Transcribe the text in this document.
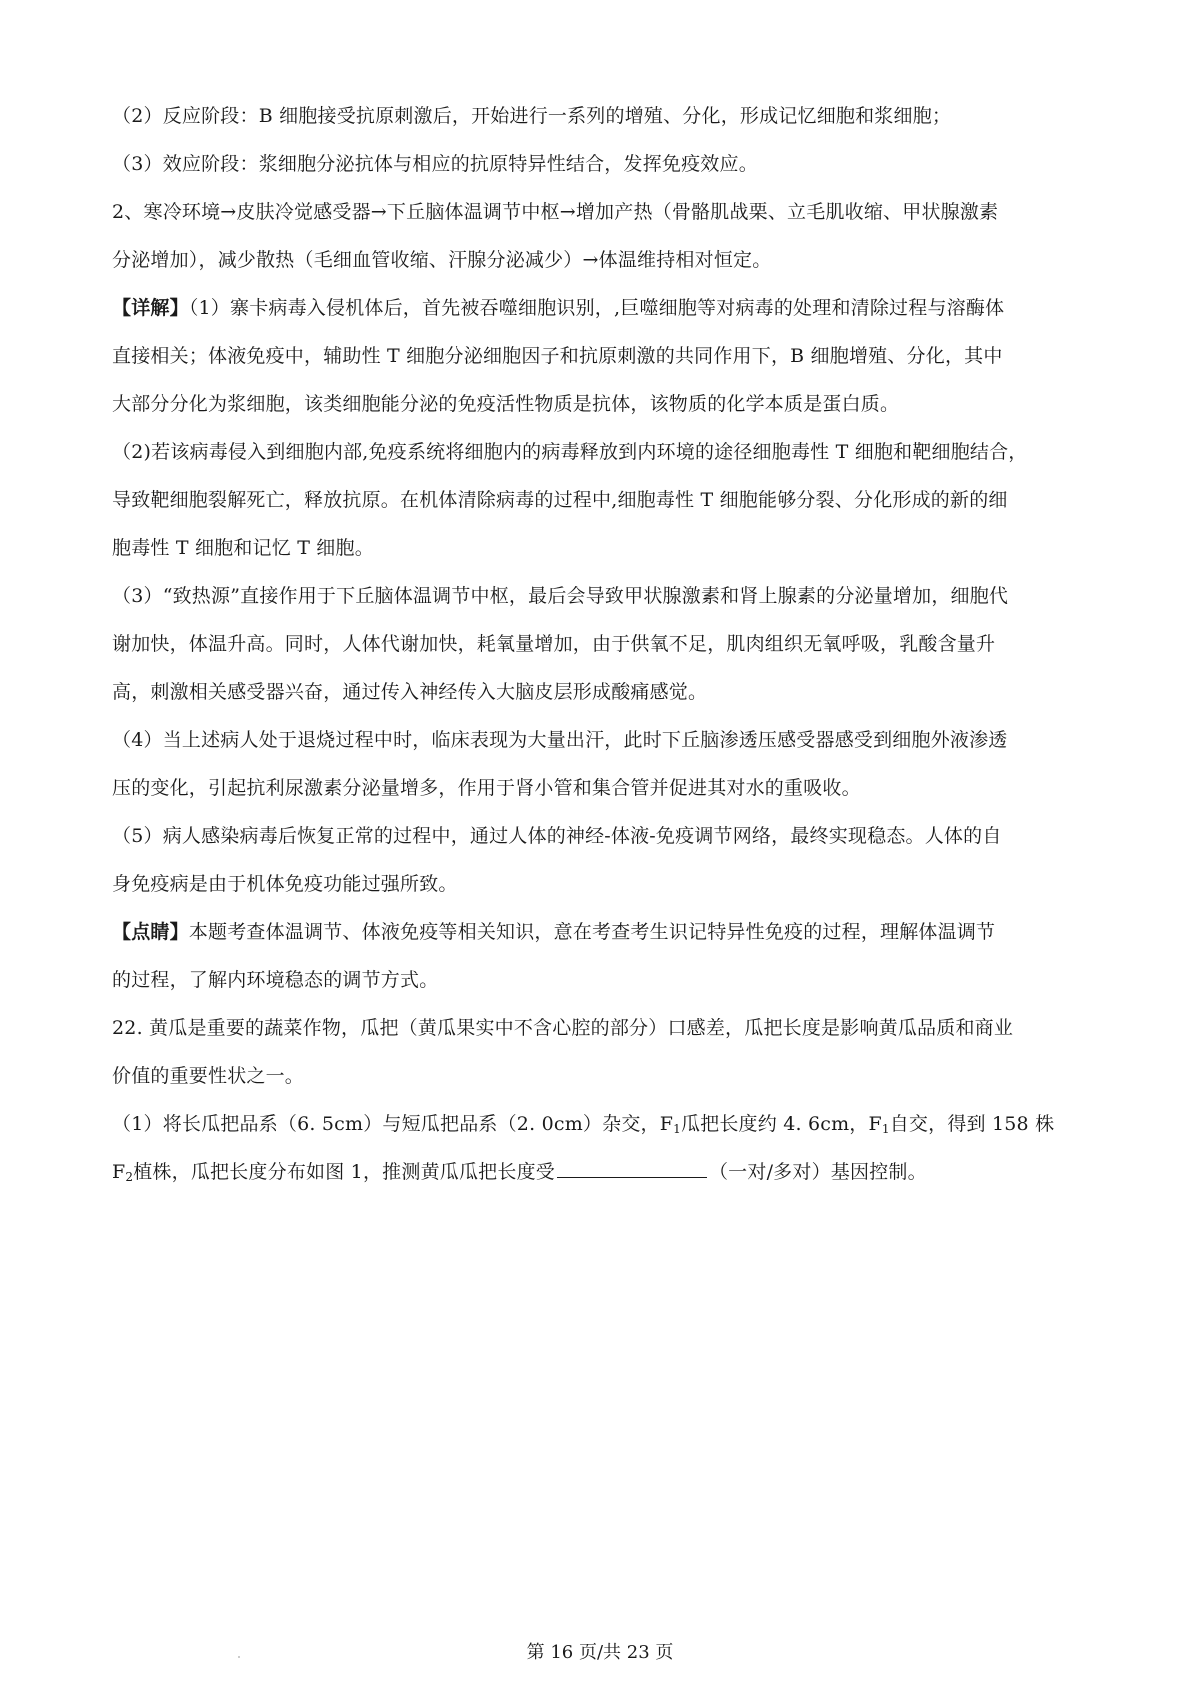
（2）反应阶段：B 细胞接受抗原刺激后，开始进行一系列的增殖、分化，形成记忆细胞和浆细胞；
（3）效应阶段：浆细胞分泌抗体与相应的抗原特异性结合，发挥免疫效应。
2、寒冷环境→皮肤冷觉感受器→下丘脑体温调节中枢→增加产热（骨骼肌战栗、立毛肌收缩、甲状腺激素
分泌增加），减少散热（毛细血管收缩、汗腺分泌减少）→体温维持相对恒定。
【详解】（1）寨卡病毒入侵机体后，首先被吞噬细胞识别，,巨噬细胞等对病毒的处理和清除过程与溶酶体
直接相关；体液免疫中，辅助性 T 细胞分泌细胞因子和抗原刺激的共同作用下，B 细胞增殖、分化，其中
大部分分化为浆细胞，该类细胞能分泌的免疫活性物质是抗体，该物质的化学本质是蛋白质。
（2)若该病毒侵入到细胞内部,免疫系统将细胞内的病毒释放到内环境的途径细胞毒性 T 细胞和靶细胞结合，
导致靶细胞裂解死亡，释放抗原。在机体清除病毒的过程中,细胞毒性 T 细胞能够分裂、分化形成的新的细
胞毒性 T 细胞和记忆 T 细胞。
（3）“致热源”直接作用于下丘脑体温调节中枢，最后会导致甲状腺激素和肾上腺素的分泌量增加，细胞代
谢加快，体温升高。同时，人体代谢加快，耗氧量增加，由于供氧不足，肌肉组织无氧呼吸，乳酸含量升
高，刺激相关感受器兴奋，通过传入神经传入大脑皮层形成酸痛感觉。
（4）当上述病人处于退烧过程中时，临床表现为大量出汗，此时下丘脑渗透压感受器感受到细胞外液渗透
压的变化，引起抗利尿激素分泌量增多，作用于肾小管和集合管并促进其对水的重吸收。
（5）病人感染病毒后恢复正常的过程中，通过人体的神经-体液-免疫调节网络，最终实现稳态。人体的自
身免疫病是由于机体免疫功能过强所致。
【点睛】本题考查体温调节、体液免疫等相关知识，意在考查考生识记特异性免疫的过程，理解体温调节
的过程，了解内环境稳态的调节方式。
22. 黄瓜是重要的蔬菜作物，瓜把（黄瓜果实中不含心腔的部分）口感差，瓜把长度是影响黄瓜品质和商业
价值的重要性状之一。
（1）将长瓜把品系（6. 5cm）与短瓜把品系（2. 0cm）杂交，$F_1$瓜把长度约 4. 6cm，$F_1$自交，得到 158 株
$F_2$植株，瓜把长度分布如图 1，推测黄瓜瓜把长度受	（一对/多对）基因控制。
第 16 页/共 23 页
